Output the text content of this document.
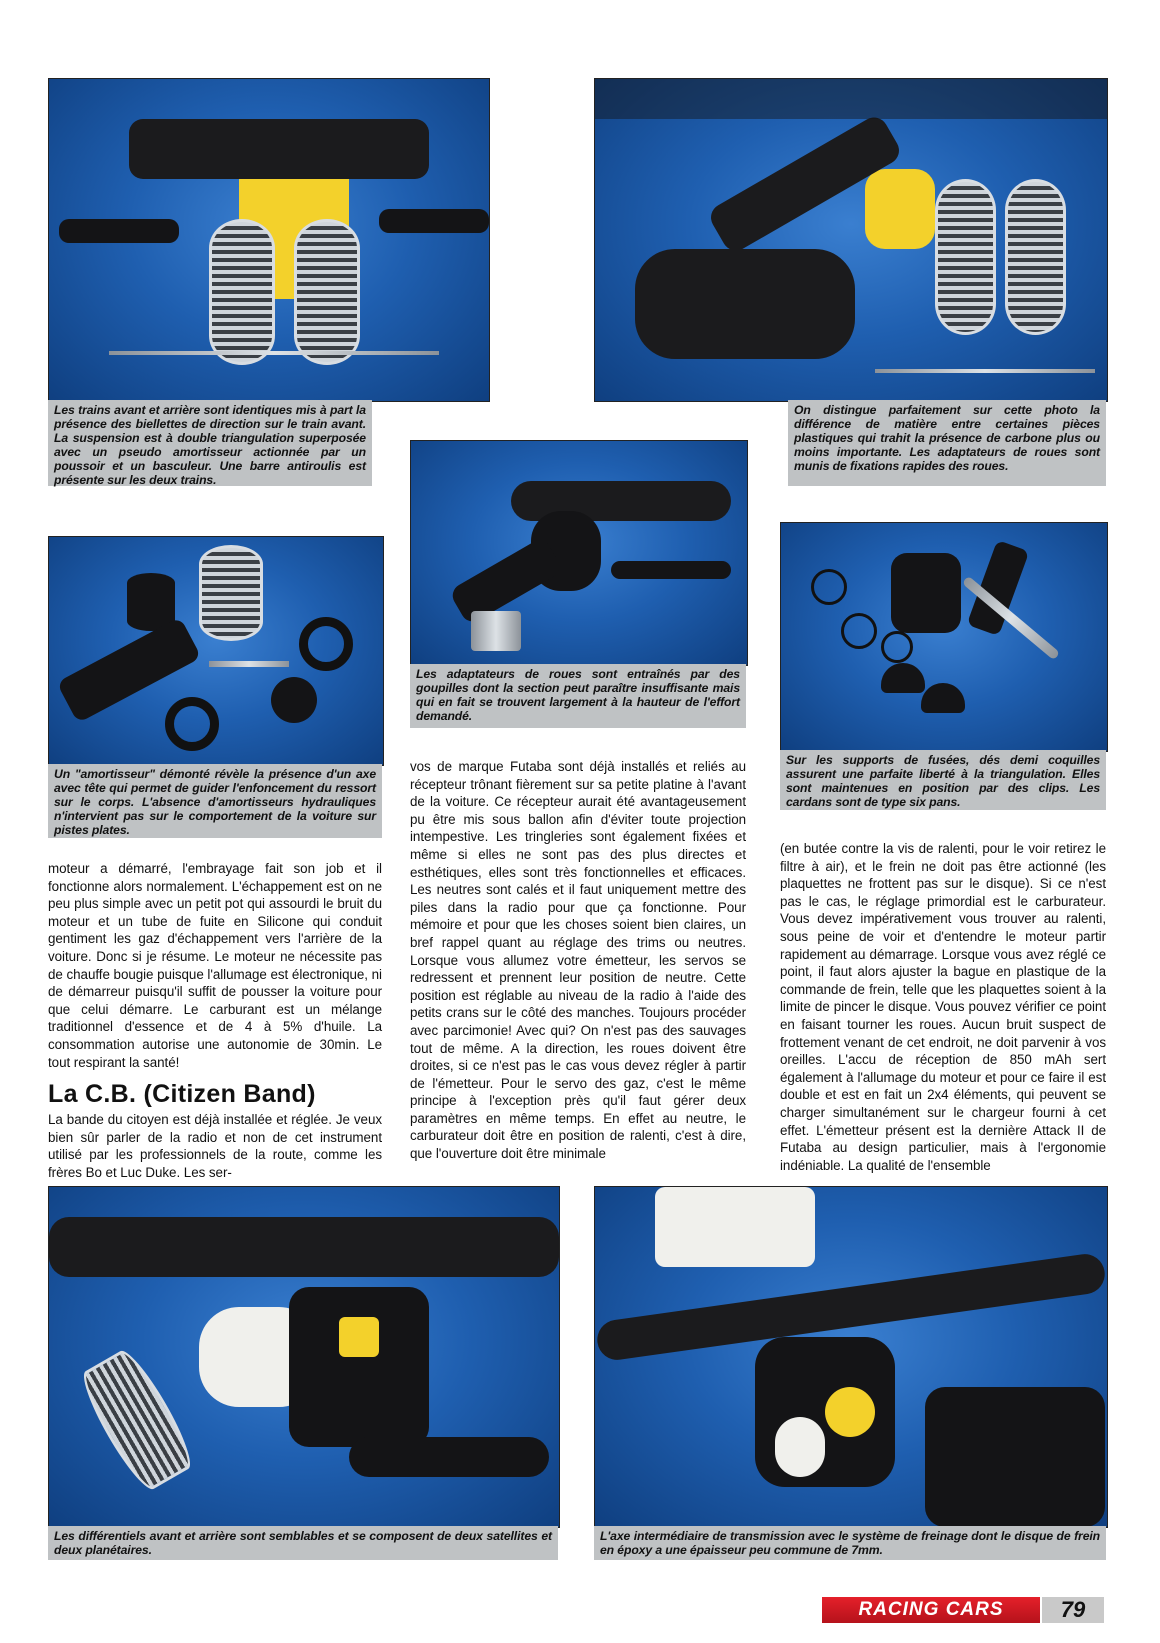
Les trains avant et arrière sont identiques mis à part la présence des biellettes de direction sur le train avant. La suspension est à double triangulation superposée avec un pseudo amortisseur actionnée par un poussoir et un basculeur. Une barre antiroulis est présente sur les deux trains.
On distingue parfaitement sur cette photo la différence de matière entre certaines pièces plastiques qui trahit la présence de carbone plus ou moins importante. Les adaptateurs de roues sont munis de fixations rapides des roues.
Les adaptateurs de roues sont entraînés par des goupilles dont la section peut paraître insuffisante mais qui en fait se trouvent largement à la hauteur de l'effort demandé.
Un "amortisseur" démonté révèle la présence d'un axe avec tête qui permet de guider l'enfoncement du ressort sur le corps. L'absence d'amortisseurs hydrauliques n'intervient pas sur le comportement de la voiture sur pistes plates.
Sur les supports de fusées, dés demi coquilles assurent une parfaite liberté à la triangulation. Elles sont maintenues en position par des clips. Les cardans sont de type six pans.

moteur a démarré, l'embrayage fait son job et il fonctionne alors normalement. L'échappement est on ne peu plus simple avec un petit pot qui assourdi le bruit du moteur et un tube de fuite en Silicone qui conduit gentiment les gaz d'échappement vers l'arrière de la voiture. Donc si je résume. Le moteur ne nécessite pas de chauffe bougie puisque l'allumage est électronique, ni de démarreur puisqu'il suffit de pousser la voiture pour que celui démarre. Le carburant est un mélange traditionnel d'essence et de 4 à 5% d'huile. La consommation autorise une autonomie de 30min. Le tout respirant la santé!

La C.B. (Citizen Band)

La bande du citoyen est déjà installée et réglée. Je veux bien sûr parler de la radio et non de cet instrument utilisé par les professionnels de la route, comme les frères Bo et Luc Duke. Les ser-

vos de marque Futaba sont déjà installés et reliés au récepteur trônant fièrement sur sa petite platine à l'avant de la voiture. Ce récepteur aurait été avantageusement pu être mis sous ballon afin d'éviter toute projection intempestive. Les tringleries sont également fixées et même si elles ne sont pas des plus directes et esthétiques, elles sont très fonctionnelles et efficaces. Les neutres sont calés et il faut uniquement mettre des piles dans la radio pour que ça fonctionne. Pour mémoire et pour que les choses soient bien claires, un bref rappel quant au réglage des trims ou neutres. Lorsque vous allumez votre émetteur, les servos se redressent et prennent leur position de neutre. Cette position est réglable au niveau de la radio à l'aide des petits crans sur le côté des manches. Toujours procéder avec parcimonie! Avec qui? On n'est pas des sauvages tout de même. A la direction, les roues doivent être droites, si ce n'est pas le cas vous devez régler à partir de l'émetteur. Pour le servo des gaz, c'est le même principe à l'exception près qu'il faut gérer deux paramètres en même temps. En effet au neutre, le carburateur doit être en position de ralenti, c'est à dire, que l'ouverture doit être minimale

(en butée contre la vis de ralenti, pour le voir retirez le filtre à air), et le frein ne doit pas être actionné (les plaquettes ne frottent pas sur le disque). Si ce n'est pas le cas, le réglage primordial est le carburateur. Vous devez impérativement vous trouver au ralenti, sous peine de voir et d'entendre le moteur partir rapidement au démarrage. Lorsque vous avez réglé ce point, il faut alors ajuster la bague en plastique de la commande de frein, telle que les plaquettes soient à la limite de pincer le disque. Vous pouvez vérifier ce point en faisant tourner les roues. Aucun bruit suspect de frottement venant de cet endroit, ne doit parvenir à vos oreilles. L'accu de réception de 850 mAh sert également à l'allumage du moteur et pour ce faire il est double et est en fait un 2x4 éléments, qui peuvent se charger simultanément sur le chargeur fourni à cet effet. L'émetteur présent est la dernière Attack II de Futaba au design particulier, mais à l'ergonomie indéniable. La qualité de l'ensemble

Les différentiels avant et arrière sont semblables et se composent de deux satellites et deux planétaires.
L'axe intermédiaire de transmission avec le système de freinage dont le disque de frein en époxy a une épaisseur peu commune de 7mm.
RACING CARS	79
